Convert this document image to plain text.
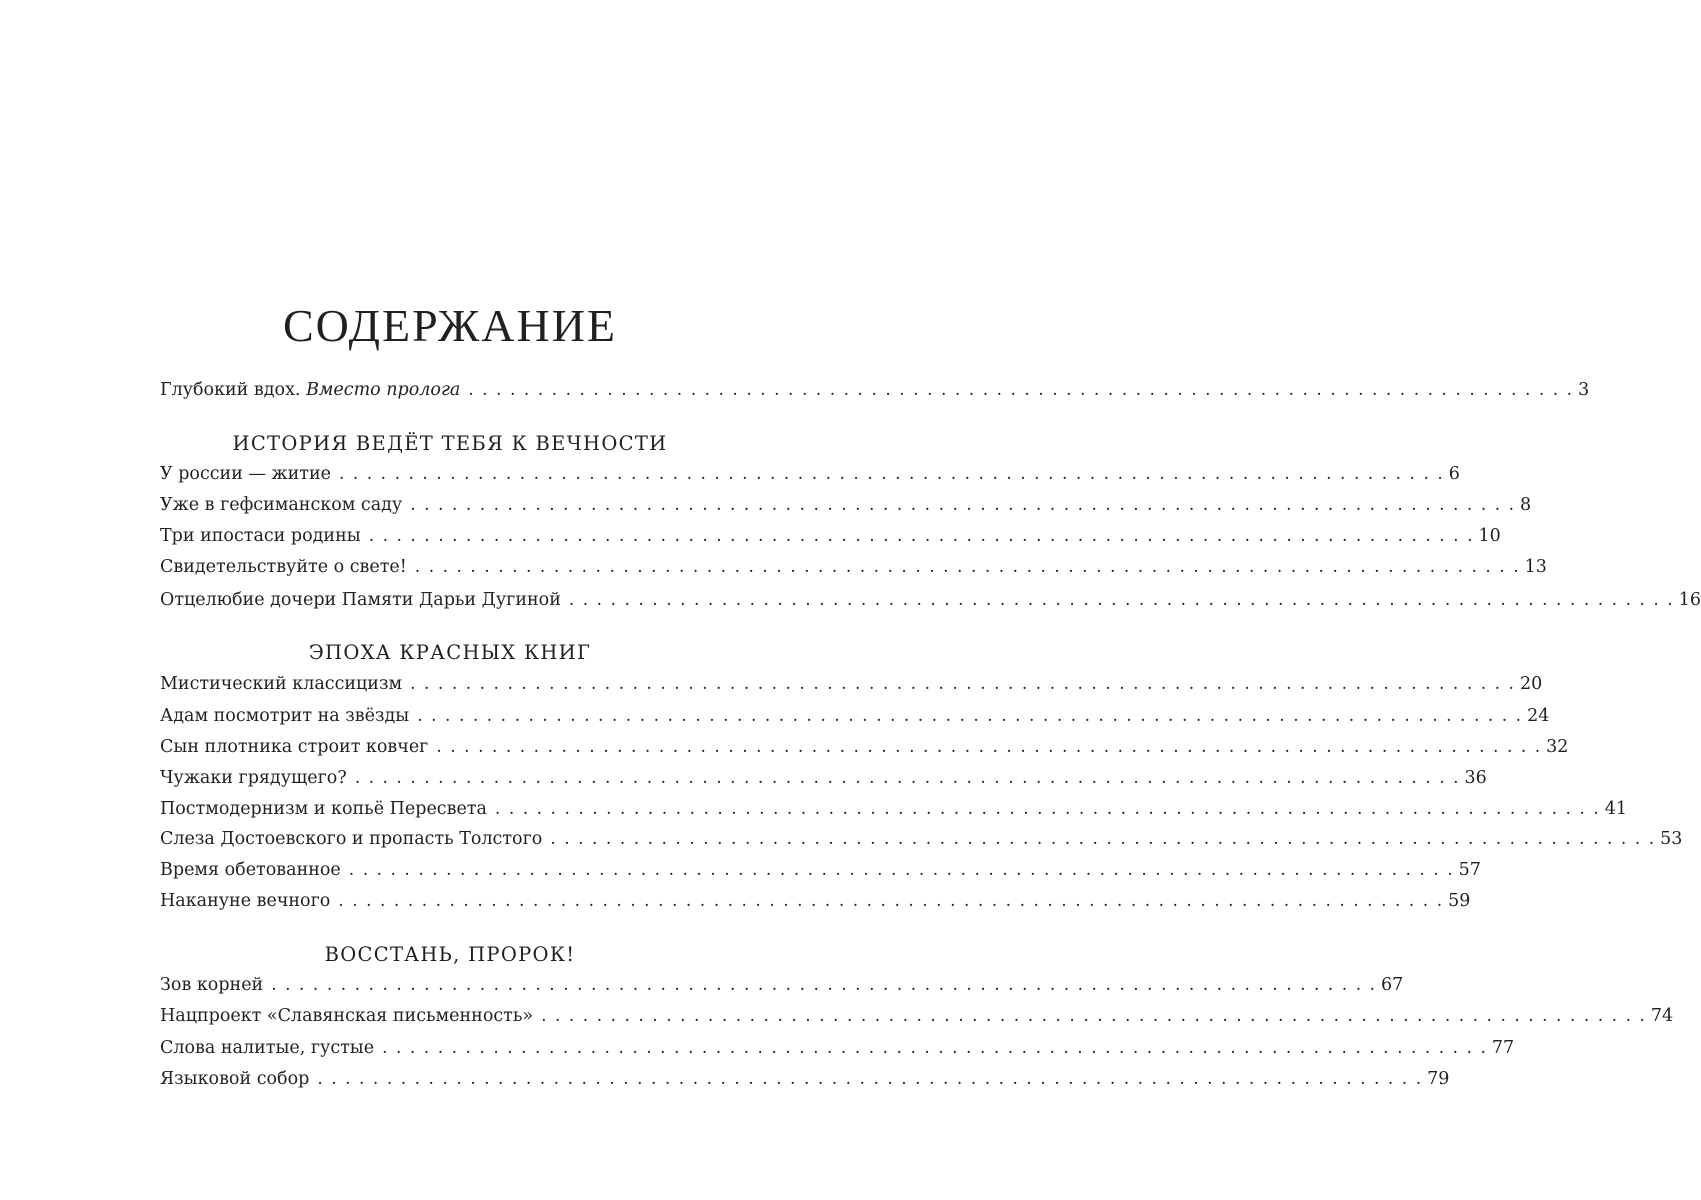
СОДЕРЖАНИЕ
Глубокий вдох. Вместо пролога . . . . . . . . . . . . . . . . . . . . . . . . . . . . . . . . . . . . . . . . . . . . . . . . . . . . . . . . . . . . . . . . . . . . . . . . . . . . . . . . 3
ИСТОРИЯ ВЕДЁТ ТЕБЯ К ВЕЧНОСТИ
У россии — житие . . . . . . . . . . . . . . . . . . . . . . . . . . . . . . . . . . . . . . . . . . . . . . . . . . . . . . . . . . . . . . . . . . . . . . . . . . . . . . . . 6
Уже в гефсиманском саду . . . . . . . . . . . . . . . . . . . . . . . . . . . . . . . . . . . . . . . . . . . . . . . . . . . . . . . . . . . . . . . . . . . . . . . . . . . . . . . . 8
Три ипостаси родины . . . . . . . . . . . . . . . . . . . . . . . . . . . . . . . . . . . . . . . . . . . . . . . . . . . . . . . . . . . . . . . . . . . . . . . . . . . . . . . . 10
Свидетельствуйте о свете! . . . . . . . . . . . . . . . . . . . . . . . . . . . . . . . . . . . . . . . . . . . . . . . . . . . . . . . . . . . . . . . . . . . . . . . . . . . . . . . . 13
Отцелюбие дочери Памяти Дарьи Дугиной . . . . . . . . . . . . . . . . . . . . . . . . . . . . . . . . . . . . . . . . . . . . . . . . . . . . . . . . . . . . . . . . . . . . . . . . . . . . . . . . 16
ЭПОХА КРАСНЫХ КНИГ
Мистический классицизм . . . . . . . . . . . . . . . . . . . . . . . . . . . . . . . . . . . . . . . . . . . . . . . . . . . . . . . . . . . . . . . . . . . . . . . . . . . . . . . . 20
Адам посмотрит на звёзды . . . . . . . . . . . . . . . . . . . . . . . . . . . . . . . . . . . . . . . . . . . . . . . . . . . . . . . . . . . . . . . . . . . . . . . . . . . . . . . . 24
Сын плотника строит ковчег . . . . . . . . . . . . . . . . . . . . . . . . . . . . . . . . . . . . . . . . . . . . . . . . . . . . . . . . . . . . . . . . . . . . . . . . . . . . . . . . 32
Чужаки грядущего? . . . . . . . . . . . . . . . . . . . . . . . . . . . . . . . . . . . . . . . . . . . . . . . . . . . . . . . . . . . . . . . . . . . . . . . . . . . . . . . . 36
Постмодернизм и копьё Пересвета . . . . . . . . . . . . . . . . . . . . . . . . . . . . . . . . . . . . . . . . . . . . . . . . . . . . . . . . . . . . . . . . . . . . . . . . . . . . . . . . 41
Слеза Достоевского и пропасть Толстого . . . . . . . . . . . . . . . . . . . . . . . . . . . . . . . . . . . . . . . . . . . . . . . . . . . . . . . . . . . . . . . . . . . . . . . . . . . . . . . . 53
Время обетованное . . . . . . . . . . . . . . . . . . . . . . . . . . . . . . . . . . . . . . . . . . . . . . . . . . . . . . . . . . . . . . . . . . . . . . . . . . . . . . . . 57
Накануне вечного . . . . . . . . . . . . . . . . . . . . . . . . . . . . . . . . . . . . . . . . . . . . . . . . . . . . . . . . . . . . . . . . . . . . . . . . . . . . . . . . 59
ВОССТАНЬ, ПРОРОК!
Зов корней . . . . . . . . . . . . . . . . . . . . . . . . . . . . . . . . . . . . . . . . . . . . . . . . . . . . . . . . . . . . . . . . . . . . . . . . . . . . . . . . 67
Нацпроект «Славянская письменность» . . . . . . . . . . . . . . . . . . . . . . . . . . . . . . . . . . . . . . . . . . . . . . . . . . . . . . . . . . . . . . . . . . . . . . . . . . . . . . . . 74
Слова налитые, густые . . . . . . . . . . . . . . . . . . . . . . . . . . . . . . . . . . . . . . . . . . . . . . . . . . . . . . . . . . . . . . . . . . . . . . . . . . . . . . . . 77
Языковой собор . . . . . . . . . . . . . . . . . . . . . . . . . . . . . . . . . . . . . . . . . . . . . . . . . . . . . . . . . . . . . . . . . . . . . . . . . . . . . . . . 79
